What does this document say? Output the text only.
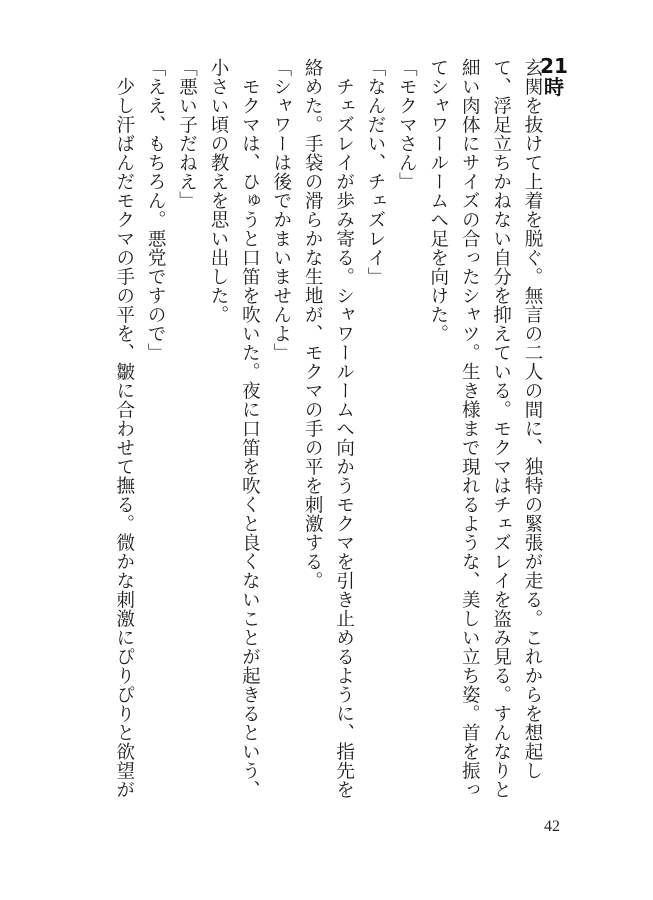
21
時

玄関を抜けて上着を脱ぐ。無言の二人の間に、独特の緊張が走る。これからを想起し

て、浮足立ちかねない自分を抑えている。モクマはチェズレイを盗み見る。すんなりと

細い肉体にサイズの合ったシャツ。生き様まで現れるような、美しい立ち姿。首を振っ

てシャワールームへ足を向けた。

「モクマさん」

「なんだい、チェズレイ」

　チェズレイが歩み寄る。シャワールームへ向かうモクマを引き止めるように、指先を

絡めた。手袋の滑らかな生地が、モクマの手の平を刺激する。

「シャワーは後でかまいませんよ」

　モクマは、ひゅうと口笛を吹いた。夜に口笛を吹くと良くないことが起きるという、

小さい頃の教えを思い出した。

「悪い子だねえ」

「ええ、もちろん。悪党ですので」

　少し汗ばんだモクマの手の平を、皺に合わせて撫る。微かな刺激にぴりぴりと欲望が

42
